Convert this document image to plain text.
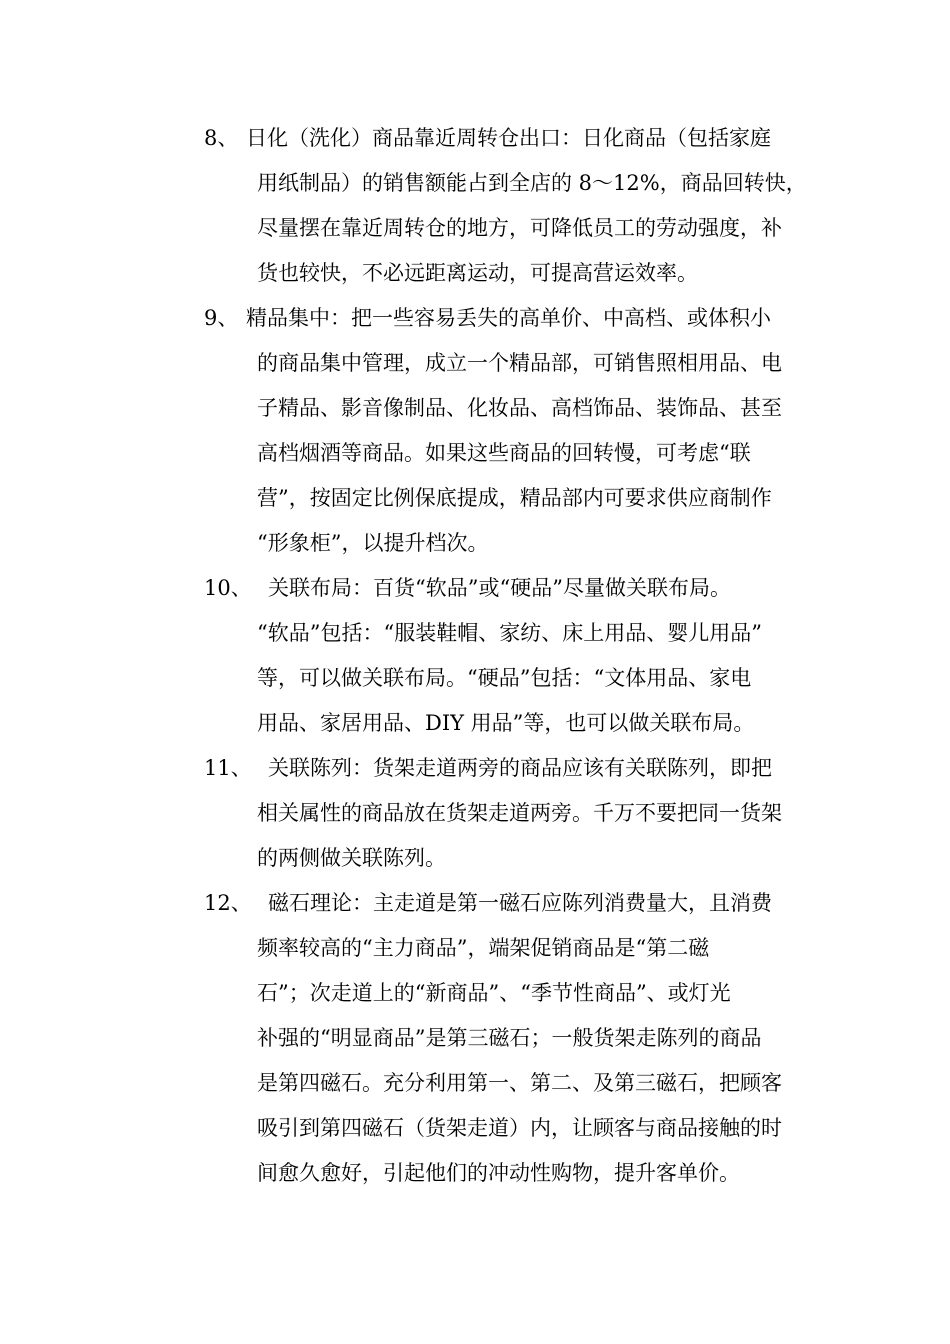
8、 日化（洗化）商品靠近周转仓出口：日化商品（包括家庭
用纸制品）的销售额能占到全店的 8～12%，商品回转快，
尽量摆在靠近周转仓的地方，可降低员工的劳动强度，补
货也较快，不必远距离运动，可提高营运效率。
9、 精品集中：把一些容易丢失的高单价、中高档、或体积小
的商品集中管理，成立一个精品部，可销售照相用品、电
子精品、影音像制品、化妆品、高档饰品、装饰品、甚至
高档烟酒等商品。如果这些商品的回转慢，可考虑“联
营”，按固定比例保底提成，精品部内可要求供应商制作
“形象柜”，以提升档次。
10、 关联布局：百货“软品”或“硬品”尽量做关联布局。
“软品”包括：“服装鞋帽、家纺、床上用品、婴儿用品”
等，可以做关联布局。“硬品”包括：“文体用品、家电
用品、家居用品、DIY 用品”等，也可以做关联布局。
11、 关联陈列：货架走道两旁的商品应该有关联陈列，即把
相关属性的商品放在货架走道两旁。千万不要把同一货架
的两侧做关联陈列。
12、 磁石理论：主走道是第一磁石应陈列消费量大，且消费
频率较高的“主力商品”，端架促销商品是“第二磁
石”；次走道上的“新商品”、“季节性商品”、或灯光
补强的“明显商品”是第三磁石；一般货架走陈列的商品
是第四磁石。充分利用第一、第二、及第三磁石，把顾客
吸引到第四磁石（货架走道）内，让顾客与商品接触的时
间愈久愈好，引起他们的冲动性购物，提升客单价。
